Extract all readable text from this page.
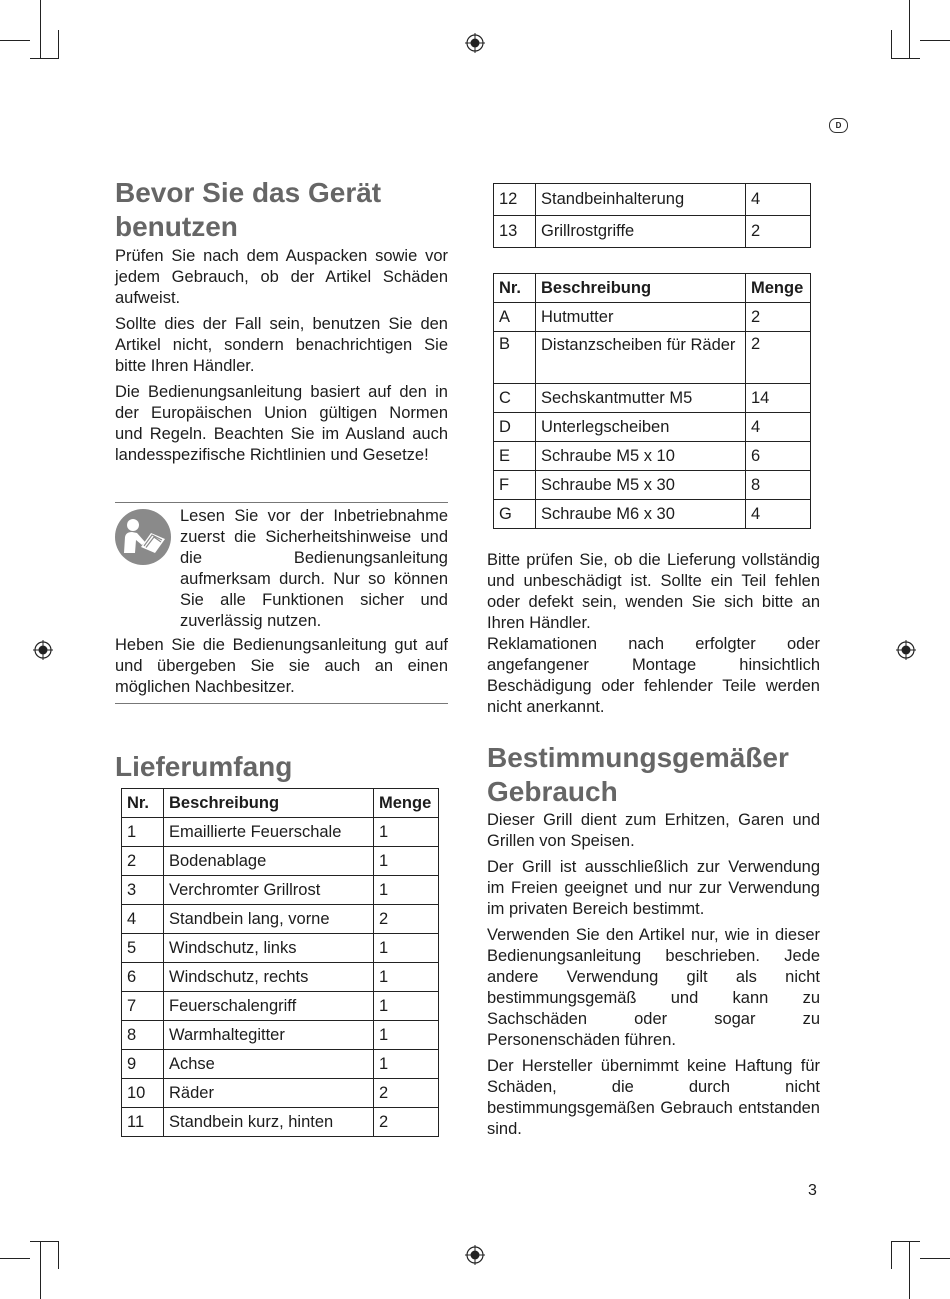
D
Bevor Sie das Gerät benutzen

Prüfen Sie nach dem Auspacken sowie vor jedem Gebrauch, ob der Artikel Schäden aufweist.

Sollte dies der Fall sein, benutzen Sie den Artikel nicht, sondern benachrichtigen Sie bitte Ihren Händler.

Die Bedienungsanleitung basiert auf den in der Europäischen Union gültigen Normen und Regeln. Beachten Sie im Ausland auch landesspezifische Richtlinien und Gesetze!

Lesen Sie vor der Inbetriebnahme zuerst die Sicherheitshinweise und die Bedienungsanleitung aufmerksam durch. Nur so können Sie alle Funktionen sicher und zuverlässig nutzen.

Heben Sie die Bedienungsanleitung gut auf und übergeben Sie sie auch an einen möglichen Nachbesitzer.

Lieferumfang
Nr.	Beschreibung	Menge
1	Emaillierte Feuerschale	1
2	Bodenablage	1
3	Verchromter Grillrost	1
4	Standbein lang, vorne	2
5	Windschutz, links	1
6	Windschutz, rechts	1
7	Feuerschalengriff	1
8	Warmhaltegitter	1
9	Achse	1
10	Räder	2
11	Standbein kurz, hinten	2
12	Standbeinhalterung	4
13	Grillrostgriffe	2
Nr.	Beschreibung	Menge
A	Hutmutter	2
B	Distanzscheiben für Räder	2
C	Sechskantmutter M5	14
D	Unterlegscheiben	4
E	Schraube M5 x 10	6
F	Schraube M5 x 30	8
G	Schraube M6 x 30	4

Bitte prüfen Sie, ob die Lieferung vollständig und unbeschädigt ist. Sollte ein Teil fehlen oder defekt sein, wenden Sie sich bitte an Ihren Händler.

Reklamationen nach erfolgter oder angefangener Montage hinsichtlich Beschädigung oder fehlender Teile werden nicht anerkannt.

Bestimmungsgemäßer Gebrauch

Dieser Grill dient zum Erhitzen, Garen und Grillen von Speisen.

Der Grill ist ausschließlich zur Verwendung im Freien geeignet und nur zur Verwendung im privaten Bereich bestimmt.

Verwenden Sie den Artikel nur, wie in dieser Bedienungsanleitung beschrieben. Jede andere Verwendung gilt als nicht bestimmungsgemäß und kann zu Sachschäden oder sogar zu Personenschäden führen.

Der Hersteller übernimmt keine Haftung für Schäden, die durch nicht bestimmungsgemäßen Gebrauch entstanden sind.

3
